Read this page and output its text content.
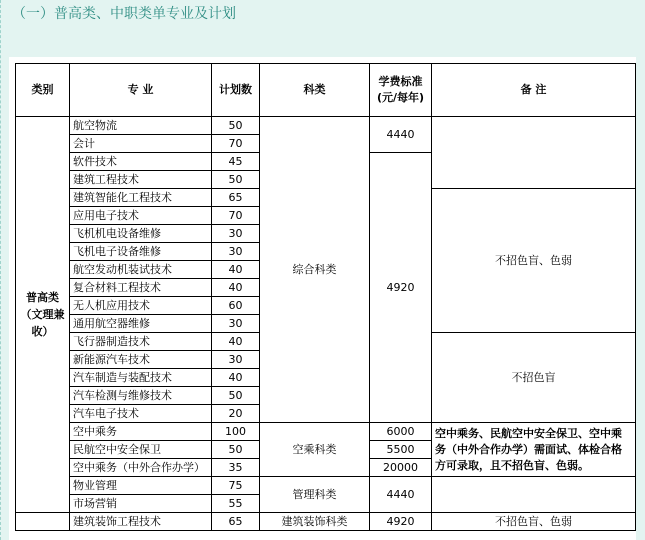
（一）普高类、中职类单专业及计划
类别	专 业	计划数	科类	学费标准(元/每年)	备 注
普高类（文理兼收）	航空物流	50	综合科类	4440	
	会计	70			
	软件技术	45		4920	
	建筑工程技术	50			
	建筑智能化工程技术	65			不招色盲、色弱
	应用电子技术	70			
	飞机机电设备维修	30			
	飞机电子设备维修	30			
	航空发动机装试技术	40			
	复合材料工程技术	40			
	无人机应用技术	60			
	通用航空器维修	30			
	飞行器制造技术	40			不招色盲
	新能源汽车技术	30			
	汽车制造与装配技术	40			
	汽车检测与维修技术	50			
	汽车电子技术	20			
	空中乘务	100	空乘科类	6000	空中乘务、民航空中安全保卫、空中乘务（中外合作办学）需面试、体检合格方可录取，且不招色盲、色弱。
	民航空中安全保卫	50		5500	
	空中乘务（中外合作办学）	35		20000	
	物业管理	75	管理科类	4440	
	市场营销	55			
	建筑装饰工程技术	65	建筑装饰科类	4920	不招色盲、色弱
